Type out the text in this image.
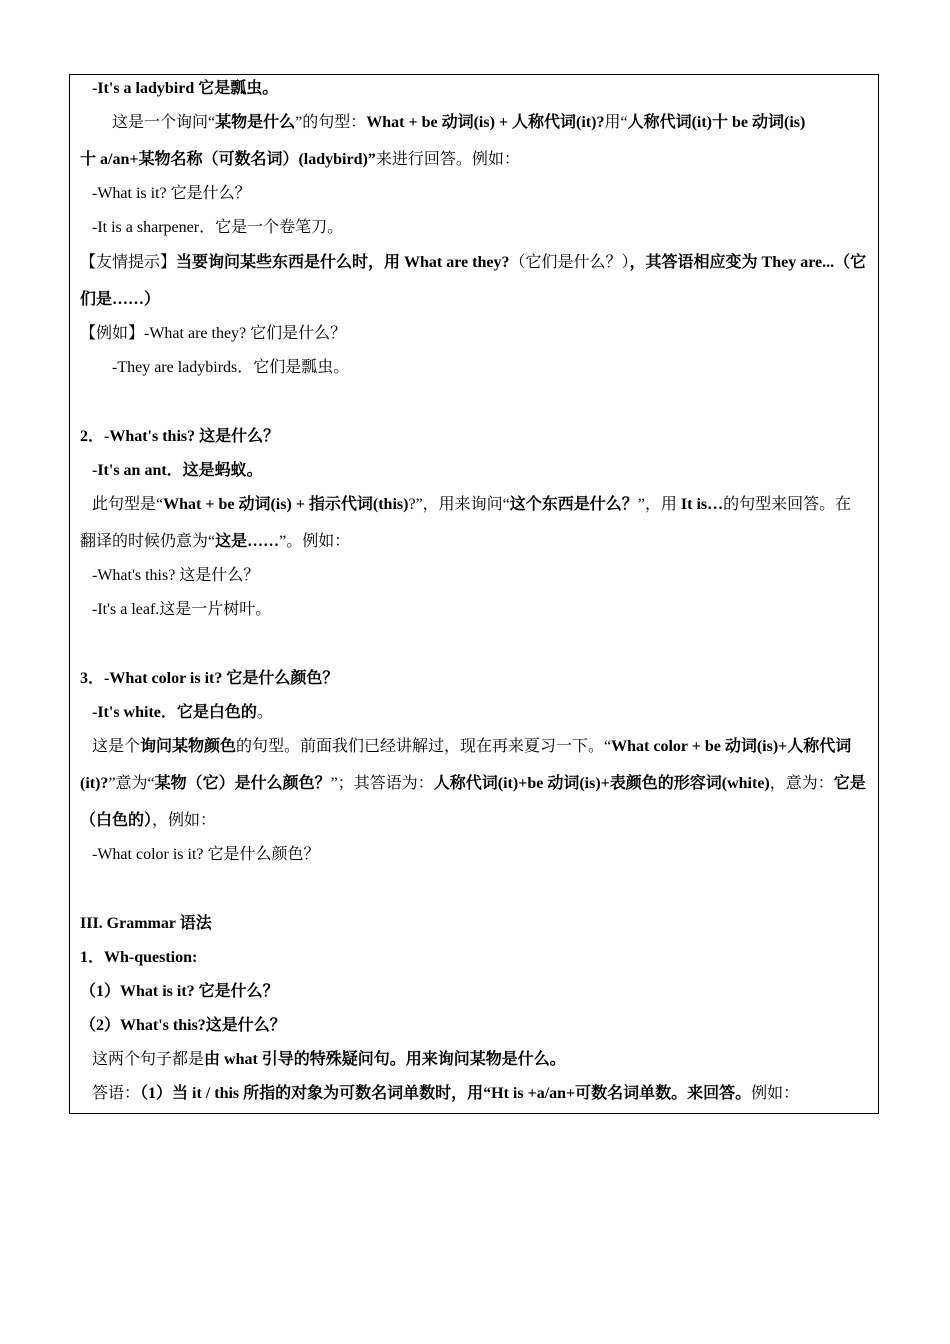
-It's a ladybird 它是瓢虫。
这是一个询问“某物是什么”的句型：What + be 动词(is) + 人称代词(it)?用“人称代词(it)十 be 动词(is)
十 a/an+某物名称（可数名词）(ladybird)”来进行回答。例如：
-What is it? 它是什么？
-It is a sharpener．它是一个卷笔刀。
【友情提示】当要询问某些东西是什么时，用 What are they?（它们是什么？），其答语相应变为 They are...（它
们是……）
【例如】-What are they? 它们是什么？
-They are ladybirds．它们是瓢虫。
2．-What's this? 这是什么？
-It's an ant．这是蚂蚁。
此句型是“What + be 动词(is) + 指示代词(this)?”，用来询问“这个东西是什么？”，用 It is…的句型来回答。在
翻译的时候仍意为“这是……”。例如：
-What's this? 这是什么？
-It's a leaf.这是一片树叶。
3．-What color is it? 它是什么颜色？
-It's white．它是白色的。
这是个询问某物颜色的句型。前面我们已经讲解过，现在再来夏习一下。“What color + be 动词(is)+人称代词
(it)?”意为“某物（它）是什么颜色？”；其答语为：人称代词(it)+be 动词(is)+表颜色的形容词(white)，意为：它是
（白色的），例如：
-What color is it? 它是什么颜色？
III. Grammar 语法
1．Wh-question:
（1）What is it? 它是什么？
（2）What's this?这是什么？
这两个句子都是由 what 引导的特殊疑问句。用来询问某物是什么。
答语：（1）当 it / this 所指的对象为可数名词单数时，用“Ht is +a/an+可数名词单数。来回答。例如：
